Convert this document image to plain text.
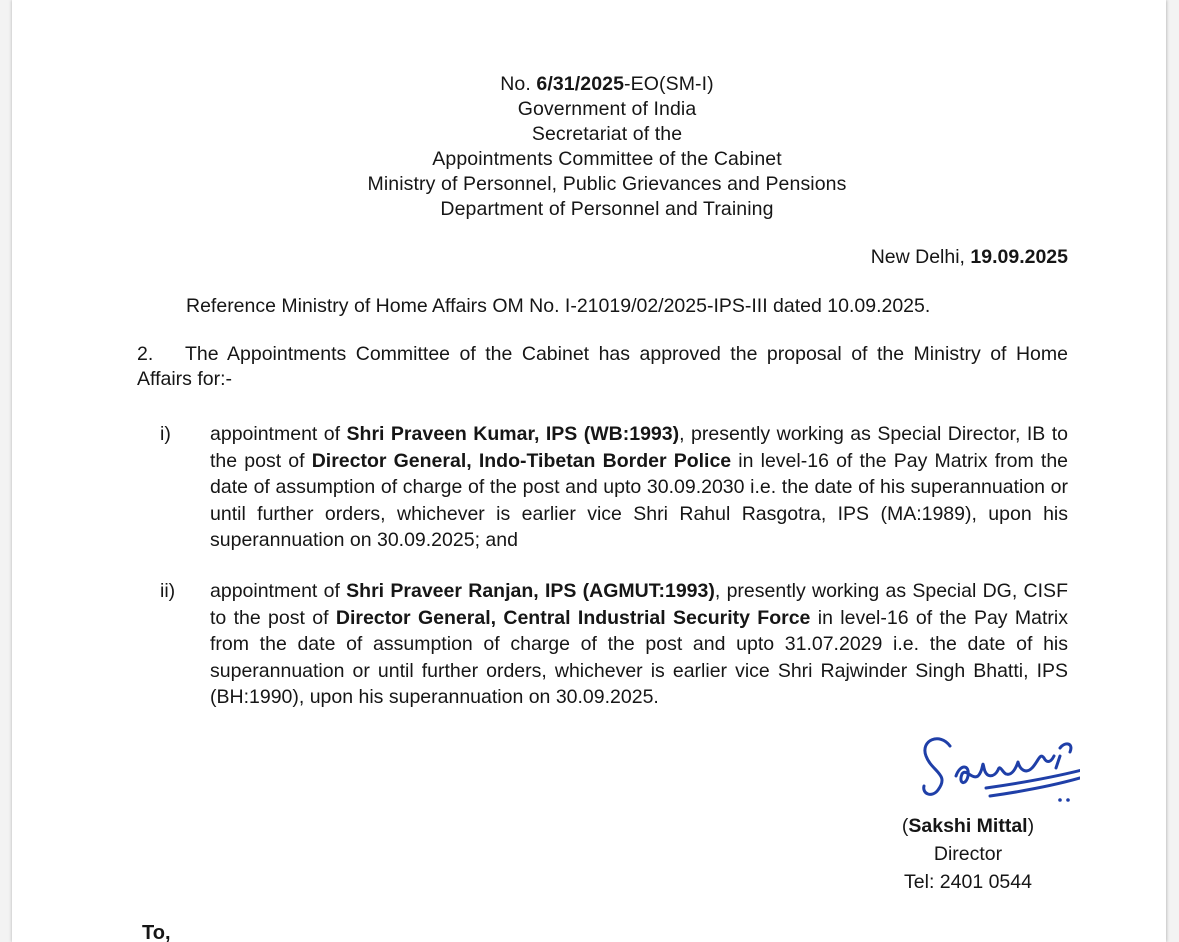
No. 6/31/2025-EO(SM-I)
Government of India
Secretariat of the
Appointments Committee of the Cabinet
Ministry of Personnel, Public Grievances and Pensions
Department of Personnel and Training
New Delhi, 19.09.2025
Reference Ministry of Home Affairs OM No. I-21019/02/2025-IPS-III dated 10.09.2025.
2. The Appointments Committee of the Cabinet has approved the proposal of the Ministry of Home Affairs for:-
i) appointment of Shri Praveen Kumar, IPS (WB:1993), presently working as Special Director, IB to the post of Director General, Indo-Tibetan Border Police in level-16 of the Pay Matrix from the date of assumption of charge of the post and upto 30.09.2030 i.e. the date of his superannuation or until further orders, whichever is earlier vice Shri Rahul Rasgotra, IPS (MA:1989), upon his superannuation on 30.09.2025; and
ii) appointment of Shri Praveer Ranjan, IPS (AGMUT:1993), presently working as Special DG, CISF to the post of Director General, Central Industrial Security Force in level-16 of the Pay Matrix from the date of assumption of charge of the post and upto 31.07.2029 i.e. the date of his superannuation or until further orders, whichever is earlier vice Shri Rajwinder Singh Bhatti, IPS (BH:1990), upon his superannuation on 30.09.2025.
(Sakshi Mittal)
Director
Tel: 2401 0544
To,
